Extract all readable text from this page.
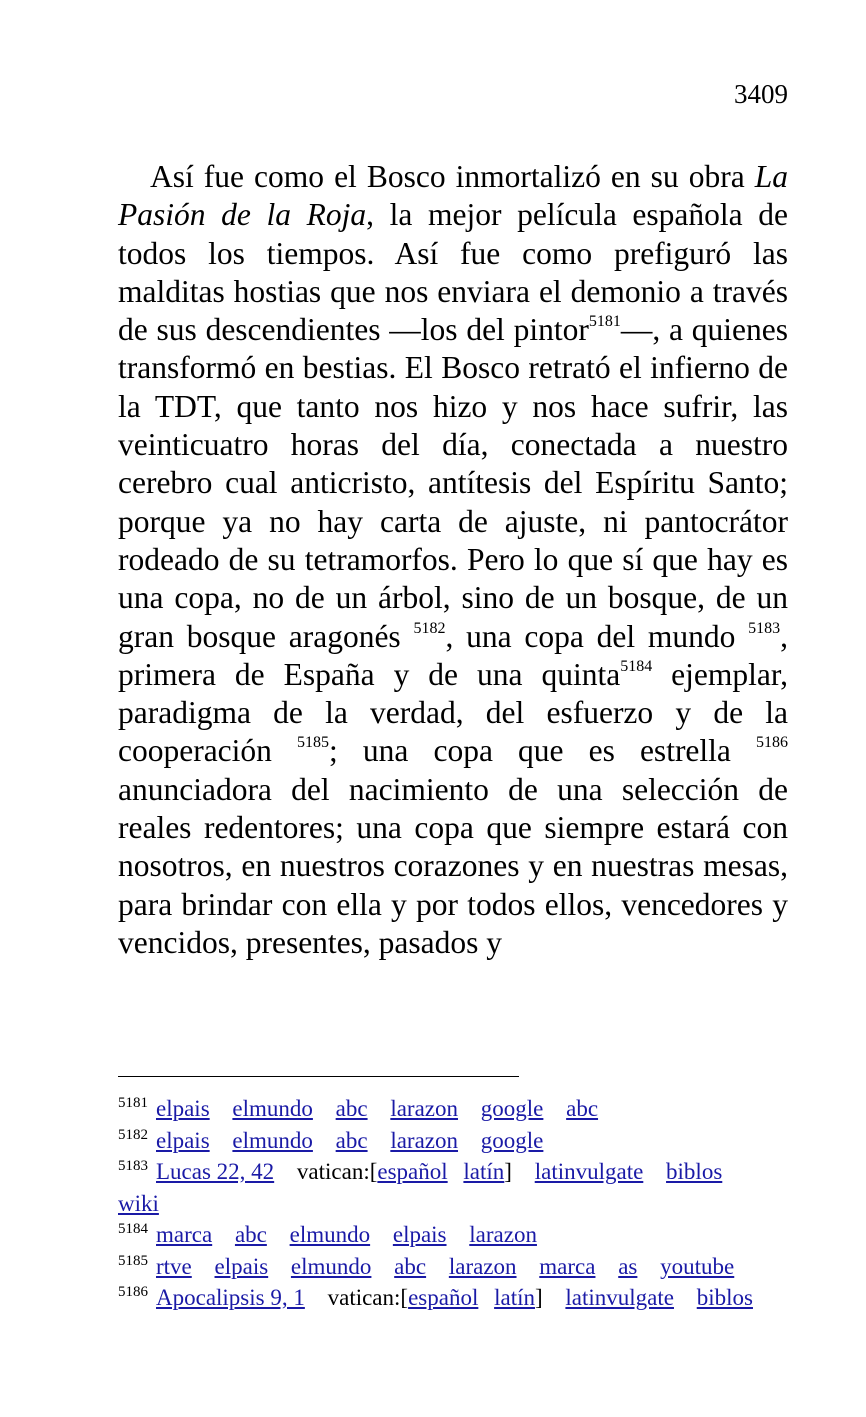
3409

Así fue como el Bosco inmortalizó en su obra La Pasión de la Roja, la mejor película española de todos los tiempos. Así fue como prefiguró las malditas hostias que nos enviara el demonio a través de sus descendientes —los del pintor$^{5181}$—, a quienes transformó en bestias. El Bosco retrató el infierno de la TDT, que tanto nos hizo y nos hace sufrir, las veinticuatro horas del día, conectada a nuestro cerebro cual anticristo, antítesis del Espíritu Santo; porque ya no hay carta de ajuste, ni pantocrátor rodeado de su tetramorfos. Pero lo que sí que hay es una copa, no de un árbol, sino de un bosque, de un gran bosque aragonés $^{5182}$, una copa del mundo $^{5183}$, primera de España y de una quinta$^{5184}$ ejemplar, paradigma de la verdad, del esfuerzo y de la cooperación $^{5185}$; una copa que es estrella $^{5186}$ anunciadora del nacimiento de una selección de reales redentores; una copa que siempre estará con nosotros, en nuestros corazones y en nuestras mesas, para brindar con ella y por todos ellos, vencedores y vencidos, presentes, pasados y

$^{5181}$ elpais elmundo abc larazon google abc
$^{5182}$ elpais elmundo abc larazon google
$^{5183}$ Lucas 22, 42 vatican:[español latín] latinvulgate biblos wiki
$^{5184}$ marca abc elmundo elpais larazon
$^{5185}$ rtve elpais elmundo abc larazon marca as youtube
$^{5186}$ Apocalipsis 9, 1 vatican:[español latín] latinvulgate biblos
